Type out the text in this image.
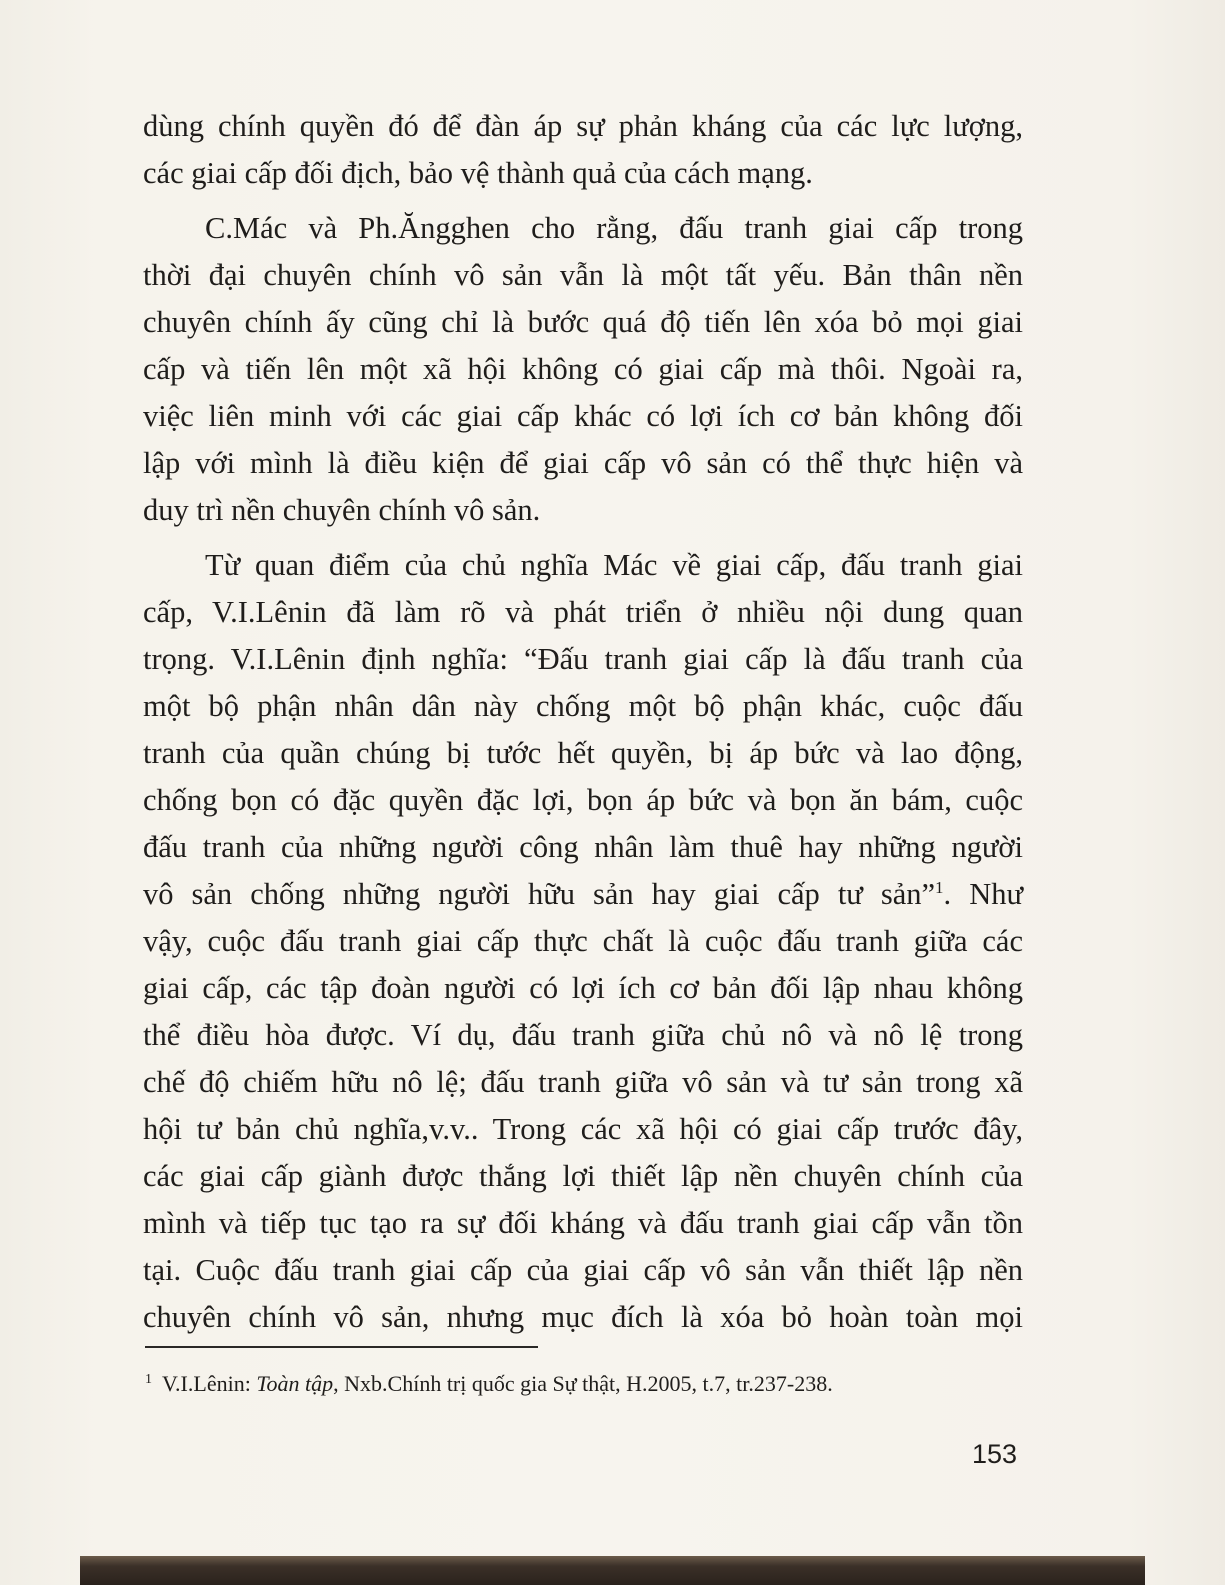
dùng chính quyền đó để đàn áp sự phản kháng của các lực lượng,
các giai cấp đối địch, bảo vệ thành quả của cách mạng.
C.Mác và Ph.Ăngghen cho rằng, đấu tranh giai cấp trong
thời đại chuyên chính vô sản vẫn là một tất yếu. Bản thân nền
chuyên chính ấy cũng chỉ là bước quá độ tiến lên xóa bỏ mọi giai
cấp và tiến lên một xã hội không có giai cấp mà thôi. Ngoài ra,
việc liên minh với các giai cấp khác có lợi ích cơ bản không đối
lập với mình là điều kiện để giai cấp vô sản có thể thực hiện và
duy trì nền chuyên chính vô sản.
Từ quan điểm của chủ nghĩa Mác về giai cấp, đấu tranh giai
cấp, V.I.Lênin đã làm rõ và phát triển ở nhiều nội dung quan
trọng. V.I.Lênin định nghĩa: “Đấu tranh giai cấp là đấu tranh của
một bộ phận nhân dân này chống một bộ phận khác, cuộc đấu
tranh của quần chúng bị tước hết quyền, bị áp bức và lao động,
chống bọn có đặc quyền đặc lợi, bọn áp bức và bọn ăn bám, cuộc
đấu tranh của những người công nhân làm thuê hay những người
vô sản chống những người hữu sản hay giai cấp tư sản”$^1$. Như
vậy, cuộc đấu tranh giai cấp thực chất là cuộc đấu tranh giữa các
giai cấp, các tập đoàn người có lợi ích cơ bản đối lập nhau không
thể điều hòa được. Ví dụ, đấu tranh giữa chủ nô và nô lệ trong
chế độ chiếm hữu nô lệ; đấu tranh giữa vô sản và tư sản trong xã
hội tư bản chủ nghĩa,v.v.. Trong các xã hội có giai cấp trước đây,
các giai cấp giành được thắng lợi thiết lập nền chuyên chính của
mình và tiếp tục tạo ra sự đối kháng và đấu tranh giai cấp vẫn tồn
tại. Cuộc đấu tranh giai cấp của giai cấp vô sản vẫn thiết lập nền
chuyên chính vô sản, nhưng mục đích là xóa bỏ hoàn toàn mọi
$^1$ V.I.Lênin: Toàn tập, Nxb.Chính trị quốc gia Sự thật, H.2005, t.7, tr.237-238.
153
